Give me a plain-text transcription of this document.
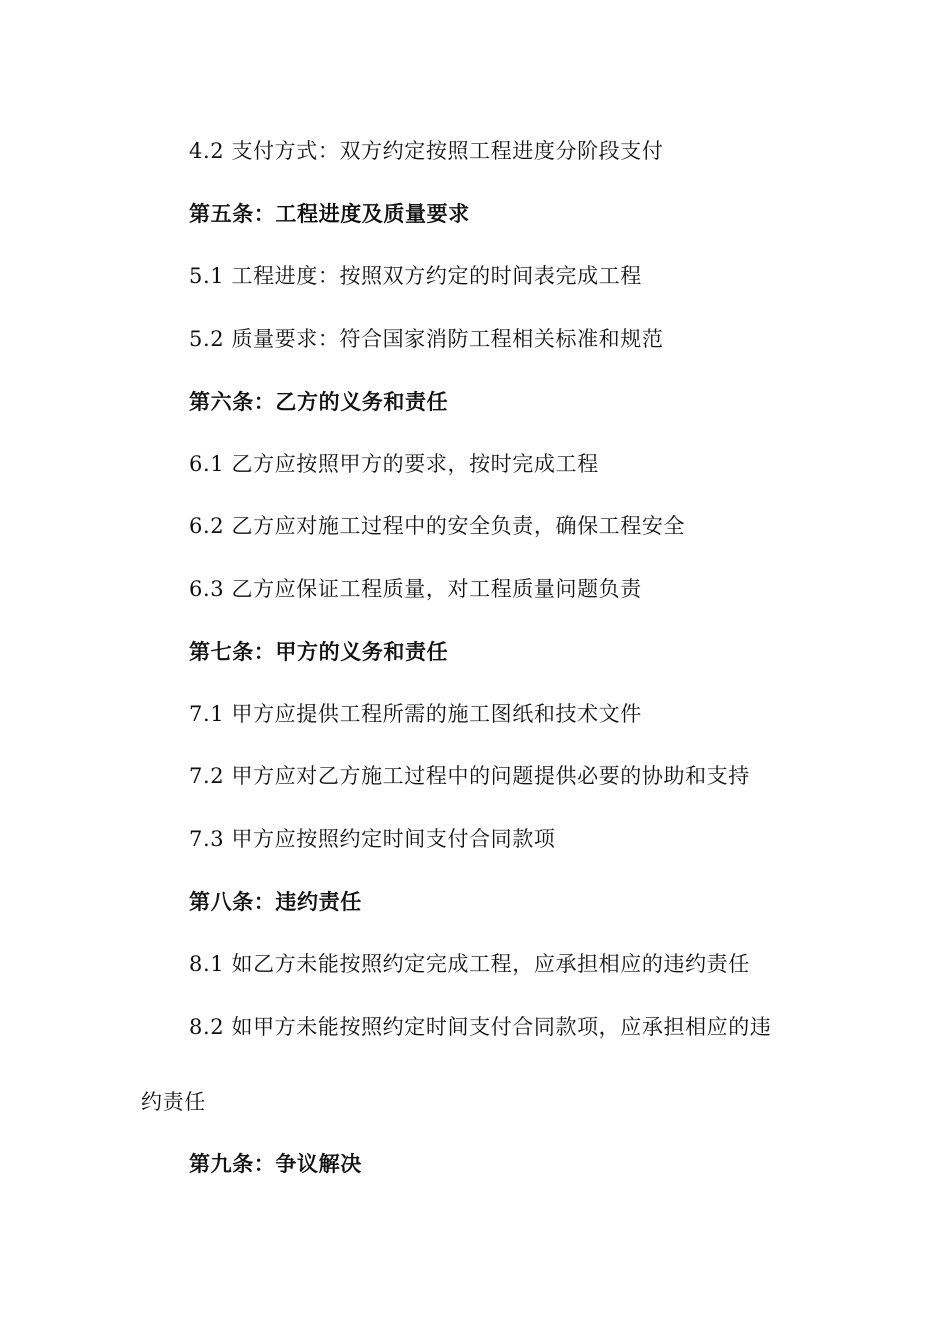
4.2 支付方式：双方约定按照工程进度分阶段支付
第五条：工程进度及质量要求
5.1 工程进度：按照双方约定的时间表完成工程
5.2 质量要求：符合国家消防工程相关标准和规范
第六条：乙方的义务和责任
6.1 乙方应按照甲方的要求，按时完成工程
6.2 乙方应对施工过程中的安全负责，确保工程安全
6.3 乙方应保证工程质量，对工程质量问题负责
第七条：甲方的义务和责任
7.1 甲方应提供工程所需的施工图纸和技术文件
7.2 甲方应对乙方施工过程中的问题提供必要的协助和支持
7.3 甲方应按照约定时间支付合同款项
第八条：违约责任
8.1 如乙方未能按照约定完成工程，应承担相应的违约责任
8.2 如甲方未能按照约定时间支付合同款项，应承担相应的违
约责任
第九条：争议解决
